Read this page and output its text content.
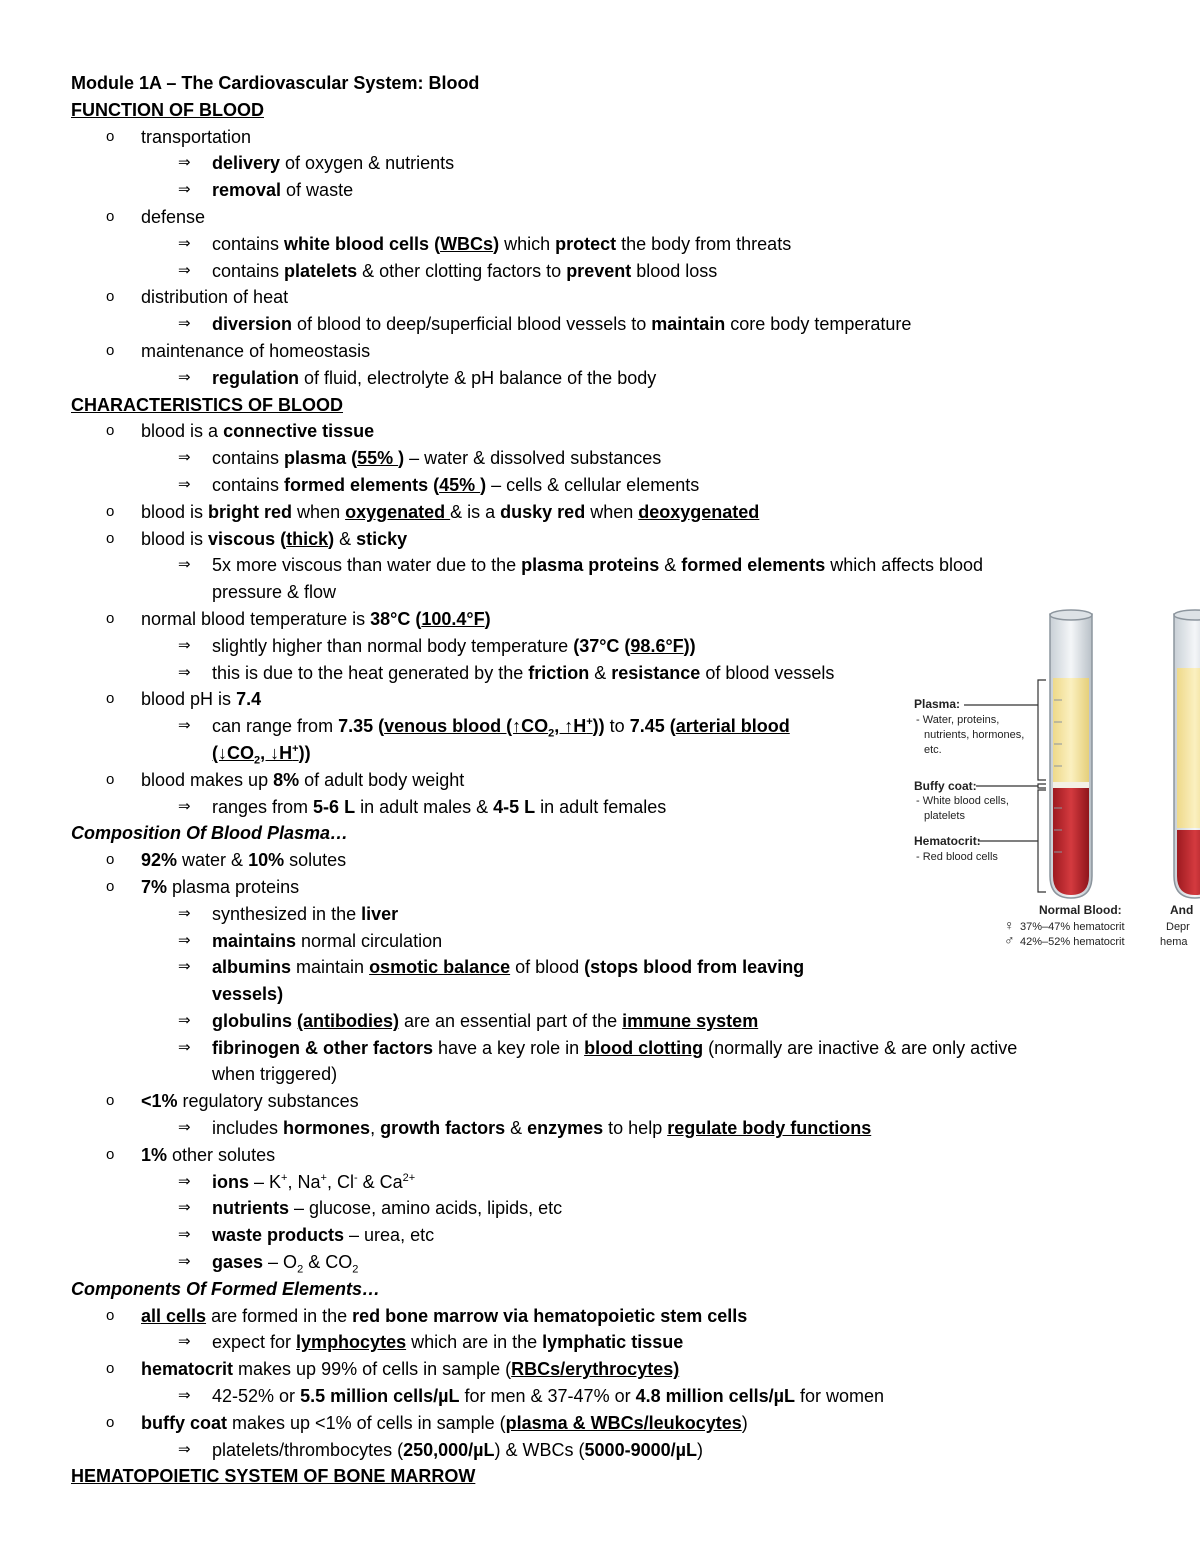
Module 1A – The Cardiovascular System: Blood
FUNCTION OF BLOOD
o transportation
⇒ delivery of oxygen & nutrients
⇒ removal of waste
o defense
⇒ contains white blood cells (WBCs) which protect the body from threats
⇒ contains platelets & other clotting factors to prevent blood loss
o distribution of heat
⇒ diversion of blood to deep/superficial blood vessels to maintain core body temperature
o maintenance of homeostasis
⇒ regulation of fluid, electrolyte & pH balance of the body
CHARACTERISTICS OF BLOOD
o blood is a connective tissue
⇒ contains plasma (55% ) – water & dissolved substances
⇒ contains formed elements (45% ) – cells & cellular elements
o blood is bright red when oxygenated & is a dusky red when deoxygenated
o blood is viscous (thick) & sticky
⇒ 5x more viscous than water due to the plasma proteins & formed elements which affects blood
pressure & flow
o normal blood temperature is 38°C (100.4°F)
⇒ slightly higher than normal body temperature (37°C (98.6°F))
⇒ this is due to the heat generated by the friction & resistance of blood vessels
o blood pH is 7.4
⇒ can range from 7.35 (venous blood ($↑CO_2$, ↑H+)) to 7.45 (arterial blood
($↓CO_2$, ↓H+))
o blood makes up 8% of adult body weight
⇒ ranges from 5-6 L in adult males & 4-5 L in adult females
Composition Of Blood Plasma…
o 92% water & 10% solutes
o 7% plasma proteins
⇒ synthesized in the liver
⇒ maintains normal circulation
⇒ albumins maintain osmotic balance of blood (stops blood from leaving
vessels)
⇒ globulins (antibodies) are an essential part of the immune system
⇒ fibrinogen & other factors have a key role in blood clotting (normally are inactive & are only active
when triggered)
o <1% regulatory substances
⇒ includes hormones, growth factors & enzymes to help regulate body functions
o 1% other solutes
⇒ ions – K+, Na+, Cl- & $Ca^{2+}$
⇒ nutrients – glucose, amino acids, lipids, etc
⇒ waste products – urea, etc
⇒ gases – $O_2$ & $CO_2$
Components Of Formed Elements…
o all cells are formed in the red bone marrow via hematopoietic stem cells
⇒ expect for lymphocytes which are in the lymphatic tissue
o hematocrit makes up 99% of cells in sample (RBCs/erythrocytes)
⇒ 42-52% or 5.5 million cells/µL for men & 37-47% or 4.8 million cells/µL for women
o buffy coat makes up <1% of cells in sample (plasma & WBCs/leukocytes)
⇒ platelets/thrombocytes (250,000/µL) & WBCs (5000-9000/µL)
HEMATOPOIETIC SYSTEM OF BONE MARROW
Plasma:
- Water, proteins,
nutrients, hormones,
etc.
Buffy coat:
- White blood cells,
platelets
Hematocrit:
- Red blood cells
Normal Blood:
♀ 37%–47% hematocrit
♂ 42%–52% hematocrit
And
Depr
hema
